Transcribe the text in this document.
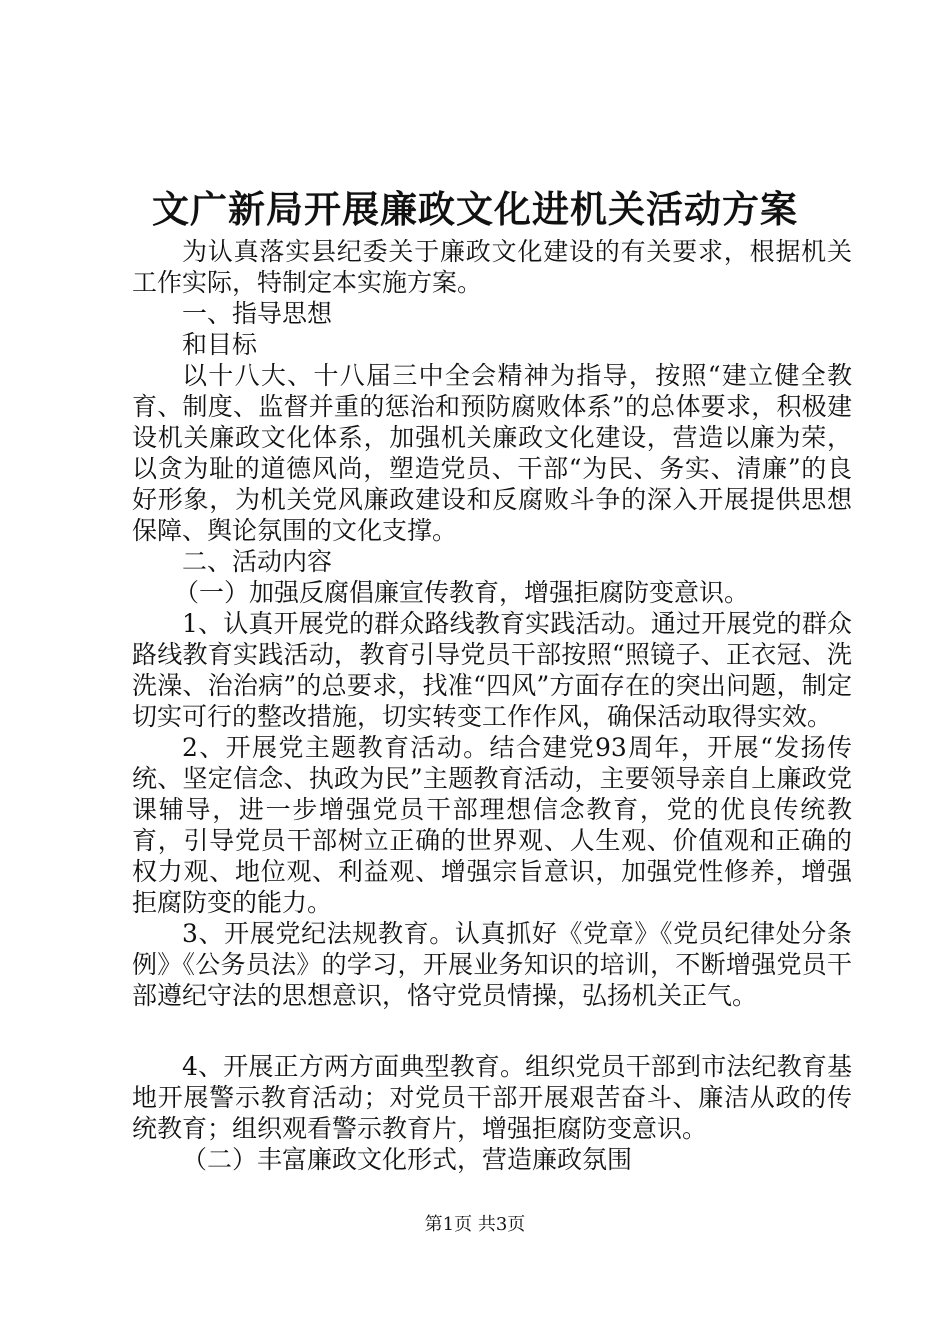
文广新局开展廉政文化进机关活动方案

为认真落实县纪委关于廉政文化建设的有关要求，根据机关工作实际，特制定本实施方案。

一、指导思想

和目标

以十八大、十八届三中全会精神为指导，按照“建立健全教育、制度、监督并重的惩治和预防腐败体系”的总体要求，积极建设机关廉政文化体系，加强机关廉政文化建设，营造以廉为荣，以贪为耻的道德风尚，塑造党员、干部“为民、务实、清廉”的良好形象，为机关党风廉政建设和反腐败斗争的深入开展提供思想保障、舆论氛围的文化支撑。

二、活动内容

（一）加强反腐倡廉宣传教育，增强拒腐防变意识。

1、认真开展党的群众路线教育实践活动。通过开展党的群众路线教育实践活动，教育引导党员干部按照“照镜子、正衣冠、洗洗澡、治治病”的总要求，找准“四风”方面存在的突出问题，制定切实可行的整改措施，切实转变工作作风，确保活动取得实效。

2、开展党主题教育活动。结合建党93周年，开展“发扬传统、坚定信念、执政为民”主题教育活动，主要领导亲自上廉政党课辅导，进一步增强党员干部理想信念教育，党的优良传统教育，引导党员干部树立正确的世界观、人生观、价值观和正确的权力观、地位观、利益观、增强宗旨意识，加强党性修养，增强拒腐防变的能力。

3、开展党纪法规教育。认真抓好《党章》《党员纪律处分条例》《公务员法》的学习，开展业务知识的培训，不断增强党员干部遵纪守法的思想意识，恪守党员情操，弘扬机关正气。

4、开展正方两方面典型教育。组织党员干部到市法纪教育基地开展警示教育活动；对党员干部开展艰苦奋斗、廉洁从政的传统教育；组织观看警示教育片，增强拒腐防变意识。

（二）丰富廉政文化形式，营造廉政氛围

第1页 共3页
